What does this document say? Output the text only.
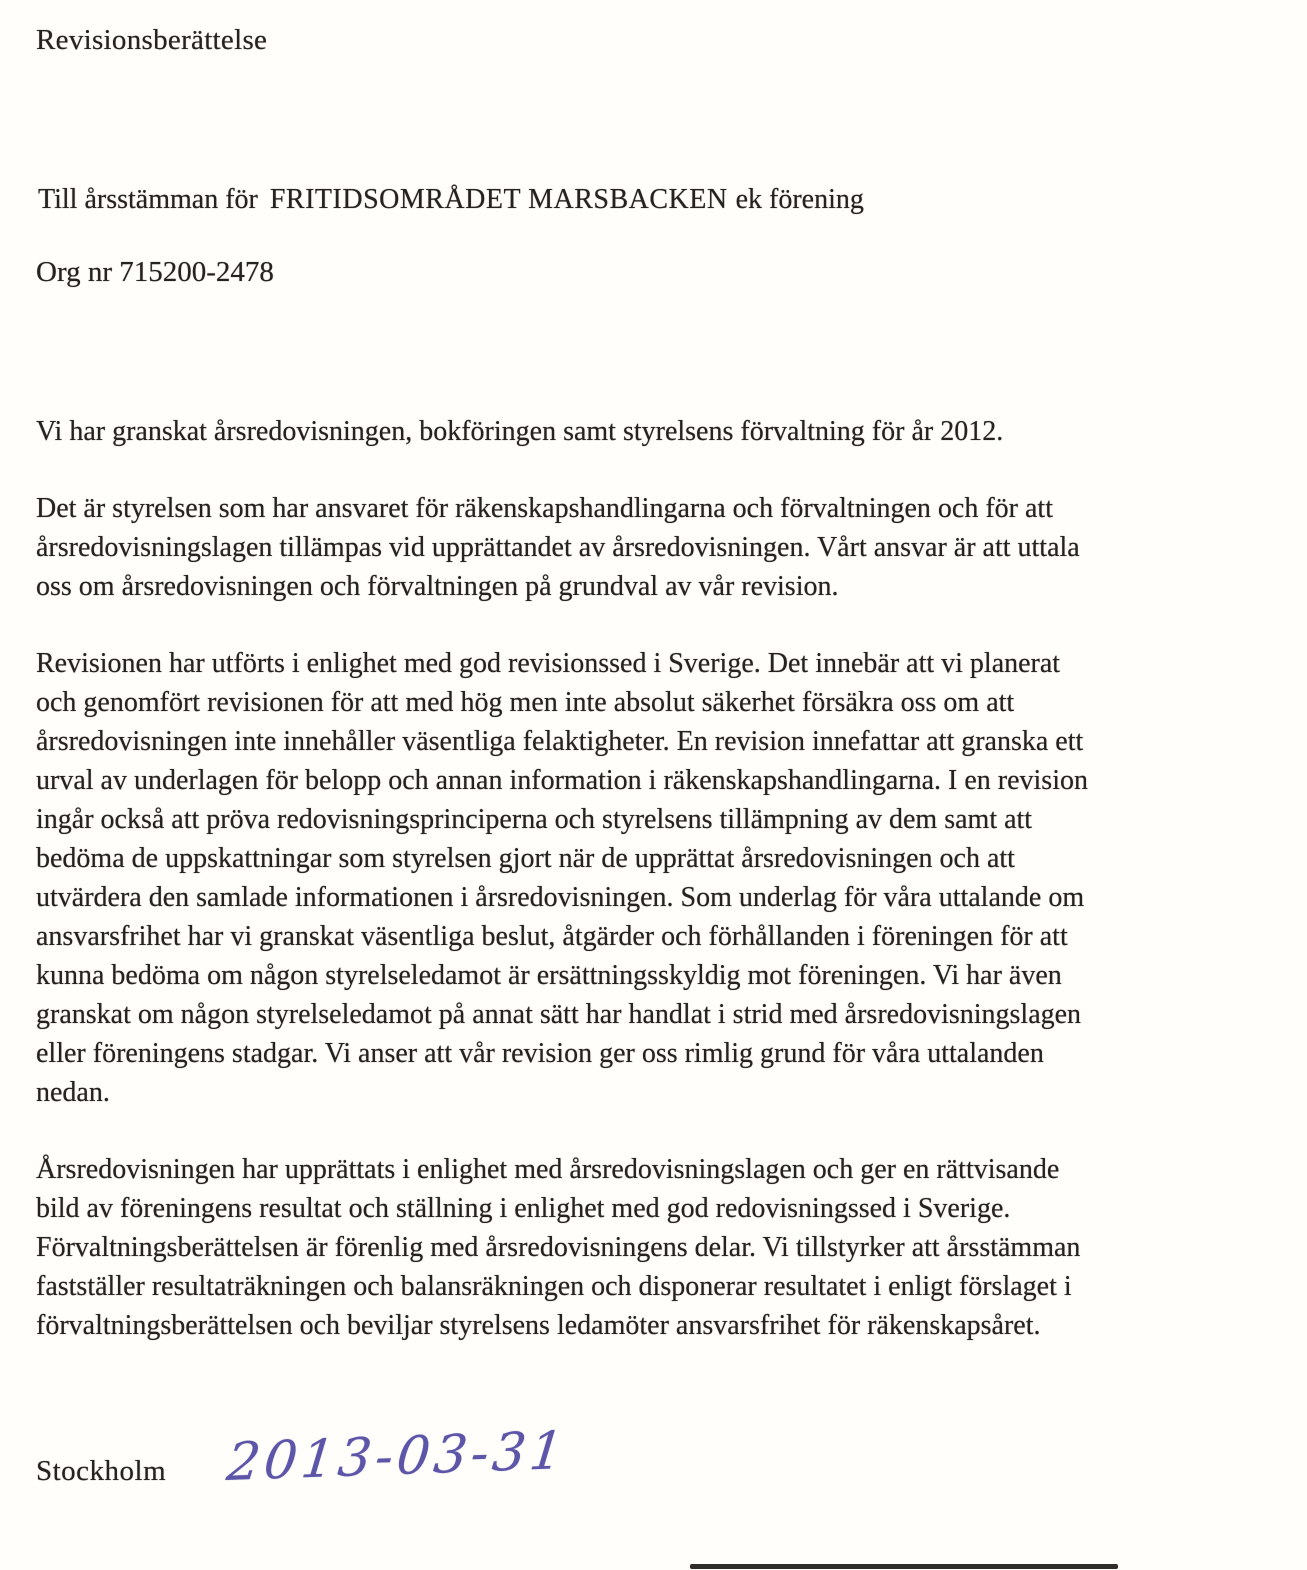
Revisionsberättelse
Till årsstämman för FRITIDSOMRÅDET MARSBACKEN ek förening
Org nr 715200-2478
Vi har granskat årsredovisningen, bokföringen samt styrelsens förvaltning för år 2012.
Det är styrelsen som har ansvaret för räkenskapshandlingarna och förvaltningen och för att
årsredovisningslagen tillämpas vid upprättandet av årsredovisningen. Vårt ansvar är att uttala
oss om årsredovisningen och förvaltningen på grundval av vår revision.
Revisionen har utförts i enlighet med god revisionssed i Sverige. Det innebär att vi planerat
och genomfört revisionen för att med hög men inte absolut säkerhet försäkra oss om att
årsredovisningen inte innehåller väsentliga felaktigheter. En revision innefattar att granska ett
urval av underlagen för belopp och annan information i räkenskapshandlingarna. I en revision
ingår också att pröva redovisningsprinciperna och styrelsens tillämpning av dem samt att
bedöma de uppskattningar som styrelsen gjort när de upprättat årsredovisningen och att
utvärdera den samlade informationen i årsredovisningen. Som underlag för våra uttalande om
ansvarsfrihet har vi granskat väsentliga beslut, åtgärder och förhållanden i föreningen för att
kunna bedöma om någon styrelseledamot är ersättningsskyldig mot föreningen. Vi har även
granskat om någon styrelseledamot på annat sätt har handlat i strid med årsredovisningslagen
eller föreningens stadgar. Vi anser att vår revision ger oss rimlig grund för våra uttalanden
nedan.
Årsredovisningen har upprättats i enlighet med årsredovisningslagen och ger en rättvisande
bild av föreningens resultat och ställning i enlighet med god redovisningssed i Sverige.
Förvaltningsberättelsen är förenlig med årsredovisningens delar. Vi tillstyrker att årsstämman
fastställer resultaträkningen och balansräkningen och disponerar resultatet i enligt förslaget i
förvaltningsberättelsen och beviljar styrelsens ledamöter ansvarsfrihet för räkenskapsåret.
Stockholm 2013-03-31
